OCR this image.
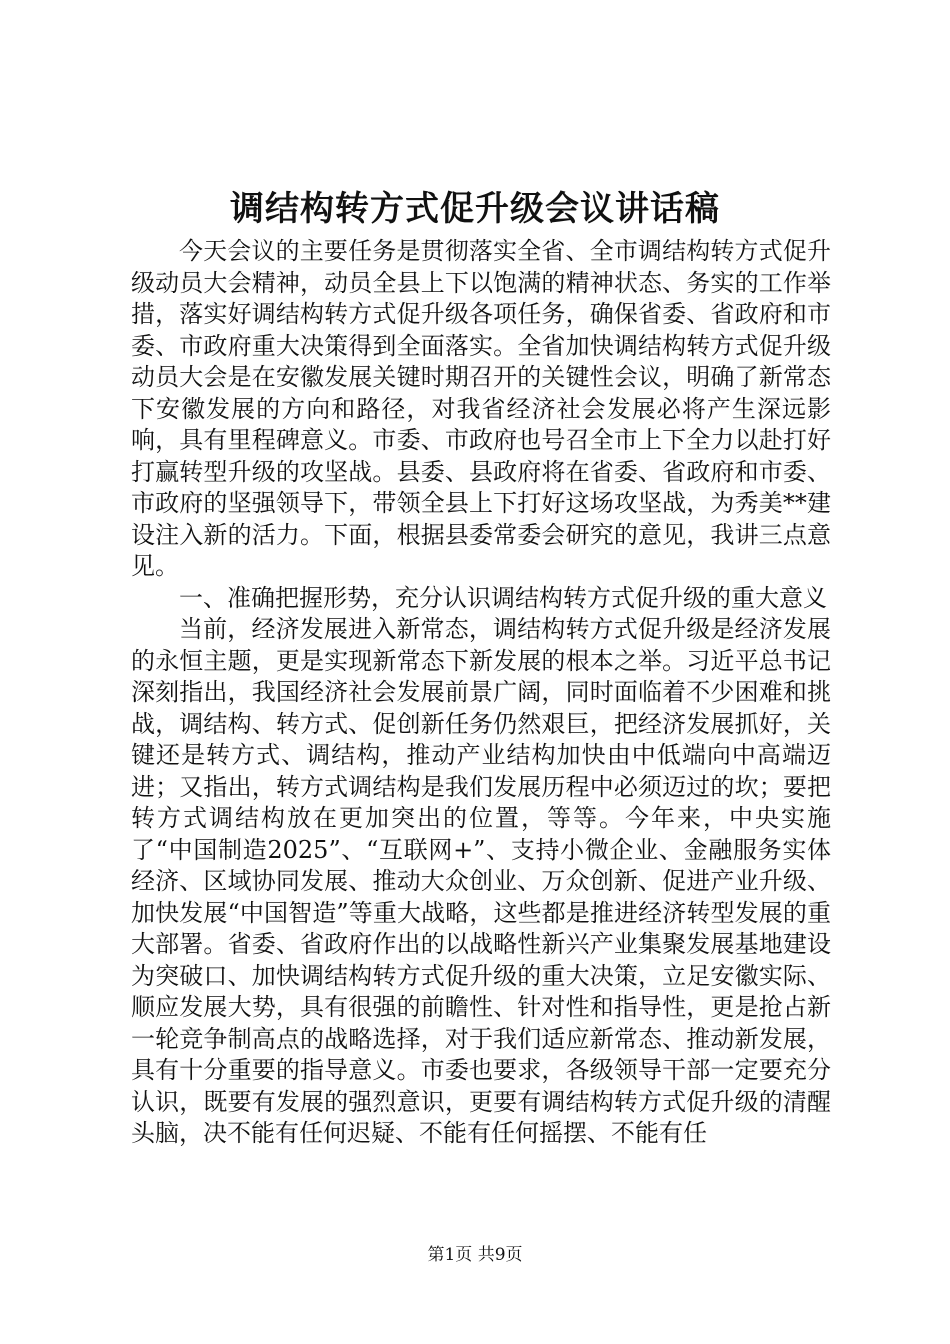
调结构转方式促升级会议讲话稿

今天会议的主要任务是贯彻落实全省、全市调结构转方式促升级动员大会精神，动员全县上下以饱满的精神状态、务实的工作举措，落实好调结构转方式促升级各项任务，确保省委、省政府和市委、市政府重大决策得到全面落实。全省加快调结构转方式促升级动员大会是在安徽发展关键时期召开的关键性会议，明确了新常态下安徽发展的方向和路径，对我省经济社会发展必将产生深远影响，具有里程碑意义。市委、市政府也号召全市上下全力以赴打好打赢转型升级的攻坚战。县委、县政府将在省委、省政府和市委、市政府的坚强领导下，带领全县上下打好这场攻坚战，为秀美**建设注入新的活力。下面，根据县委常委会研究的意见，我讲三点意见。

一、准确把握形势，充分认识调结构转方式促升级的重大意义

当前，经济发展进入新常态，调结构转方式促升级是经济发展的永恒主题，更是实现新常态下新发展的根本之举。习近平总书记深刻指出，我国经济社会发展前景广阔，同时面临着不少困难和挑战，调结构、转方式、促创新任务仍然艰巨，把经济发展抓好，关键还是转方式、调结构，推动产业结构加快由中低端向中高端迈进；又指出，转方式调结构是我们发展历程中必须迈过的坎；要把转方式调结构放在更加突出的位置，等等。今年来，中央实施了“中国制造2025”、“互联网+”、支持小微企业、金融服务实体经济、区域协同发展、推动大众创业、万众创新、促进产业升级、加快发展“中国智造”等重大战略，这些都是推进经济转型发展的重大部署。省委、省政府作出的以战略性新兴产业集聚发展基地建设为突破口、加快调结构转方式促升级的重大决策，立足安徽实际、顺应发展大势，具有很强的前瞻性、针对性和指导性，更是抢占新一轮竞争制高点的战略选择，对于我们适应新常态、推动新发展，具有十分重要的指导意义。市委也要求，各级领导干部一定要充分认识，既要有发展的强烈意识，更要有调结构转方式促升级的清醒头脑，决不能有任何迟疑、不能有任何摇摆、不能有任

第1页 共9页
